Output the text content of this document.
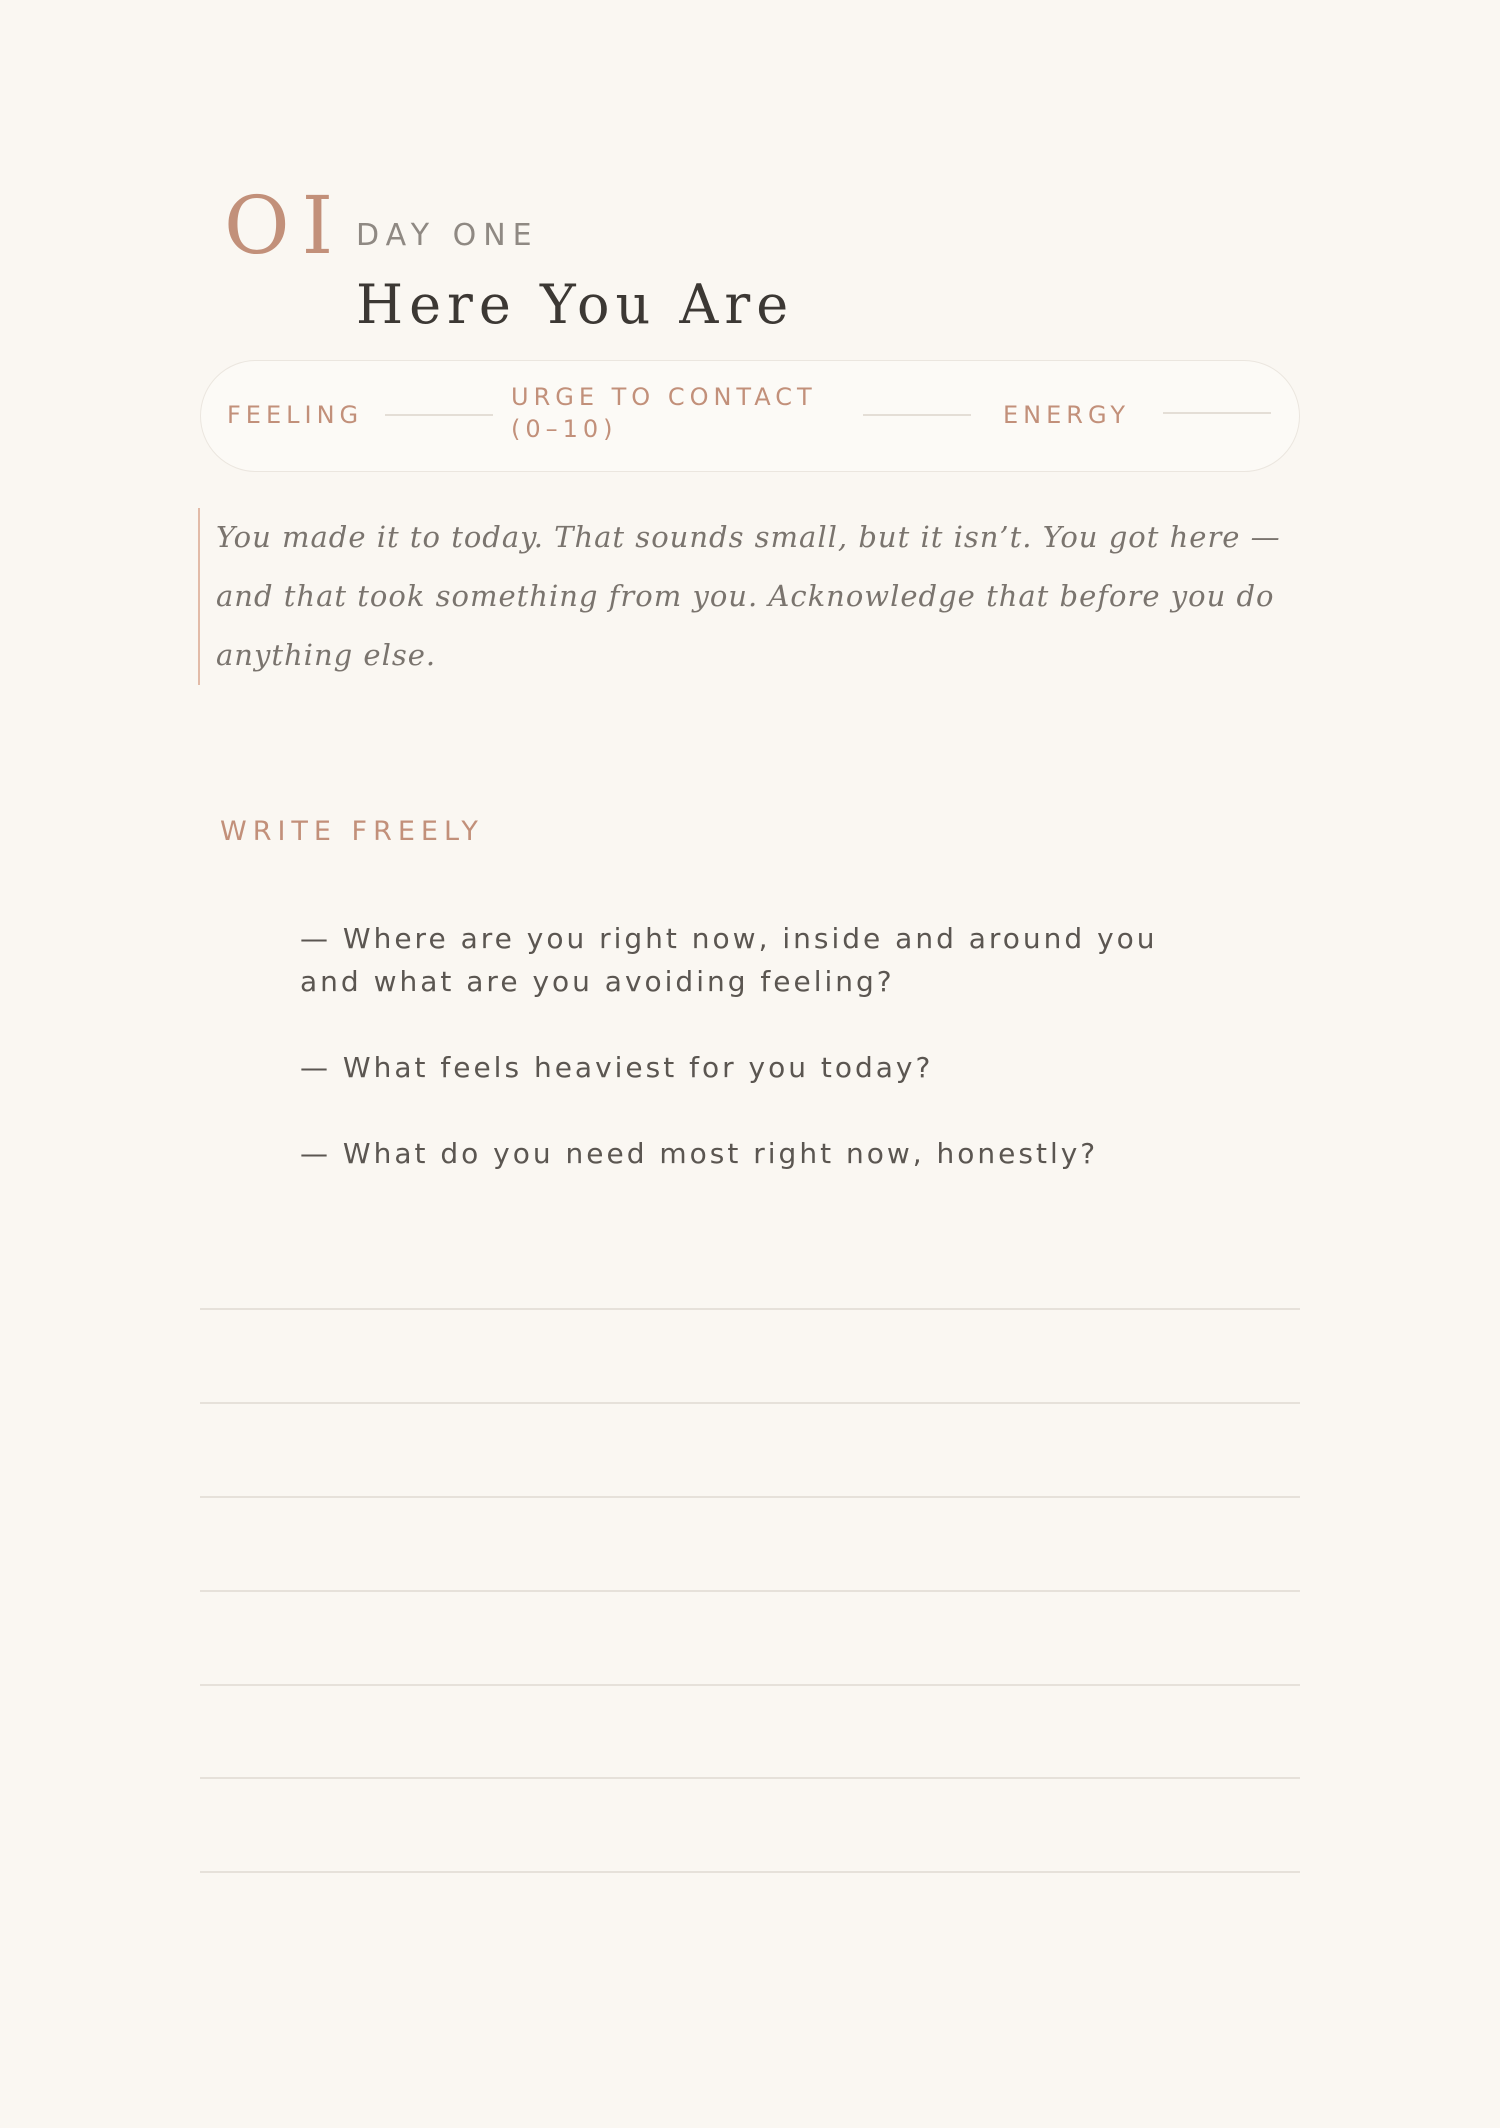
OI DAY ONE
Here You Are
FEELING
URGE TO CONTACT
(0–10)	ENERGY
You made it to today. That sounds small, but it isn’t. You got here — and that took something from you. Acknowledge that before you do anything else.
WRITE FREELY
— Where are you right now, inside and around you and what are you avoiding feeling?
— What feels heaviest for you today?
— What do you need most right now, honestly?
